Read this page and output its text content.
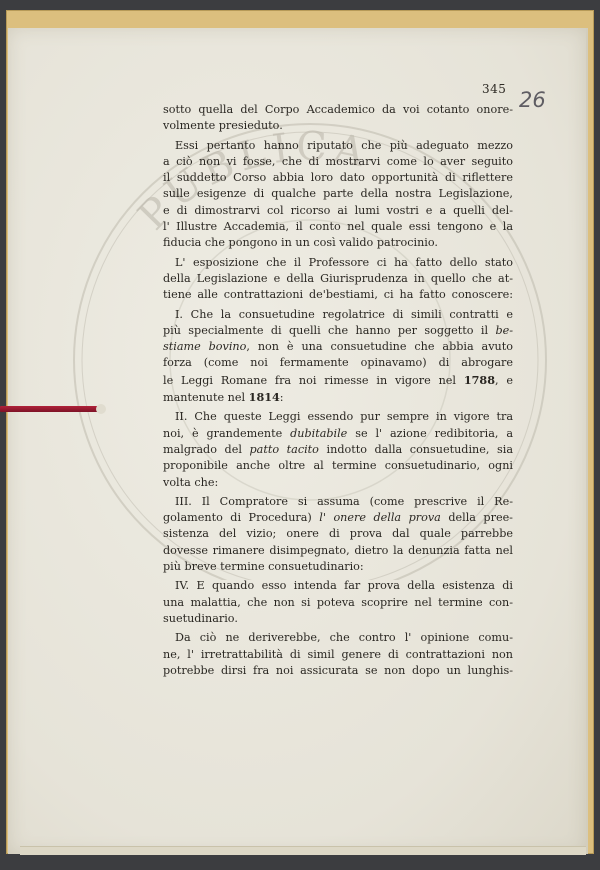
PUBLICA
345 26

sotto quella del Corpo Accademico da voi cotanto onore-
volmente presieduto.

Essi pertanto hanno riputato che più adeguato mezzo
a ciò non vi fosse, che di mostrarvi come lo aver seguito
il suddetto Corso abbia loro dato opportunità di riflettere
sulle esigenze di qualche parte della nostra Legislazione,
e di dimostrarvi col ricorso ai lumi vostri e a quelli del-
l' Illustre Accademia, il conto nel quale essi tengono e la
fiducia che pongono in un così valido patrocinio.

L' esposizione che il Professore ci ha fatto dello stato
della Legislazione e della Giurisprudenza in quello che at-
tiene alle contrattazioni de'bestiami, ci ha fatto conoscere:

I. Che la consuetudine regolatrice di simili contratti e
più specialmente di quelli che hanno per soggetto il be-
stiame bovino, non è una consuetudine che abbia avuto
forza (come noi fermamente opinavamo) di abrogare
le Leggi Romane fra noi rimesse in vigore nel 1788, e
mantenute nel 1814:

II. Che queste Leggi essendo pur sempre in vigore tra
noi, è grandemente dubitabile se l' azione redibitoria, a
malgrado del patto tacito indotto dalla consuetudine, sia
proponibile anche oltre al termine consuetudinario, ogni
volta che:

III. Il Compratore si assuma (come prescrive il Re-
golamento di Procedura) l' onere della prova della pree-
sistenza del vizio; onere di prova dal quale parrebbe
dovesse rimanere disimpegnato, dietro la denunzia fatta nel
più breve termine consuetudinario:

IV. E quando esso intenda far prova della esistenza di
una malattia, che non si poteva scoprire nel termine con-
suetudinario.

Da ciò ne deriverebbe, che contro l' opinione comu-
ne, l' irretrattabilità di simil genere di contrattazioni non
potrebbe dirsi fra noi assicurata se non dopo un lunghis-
